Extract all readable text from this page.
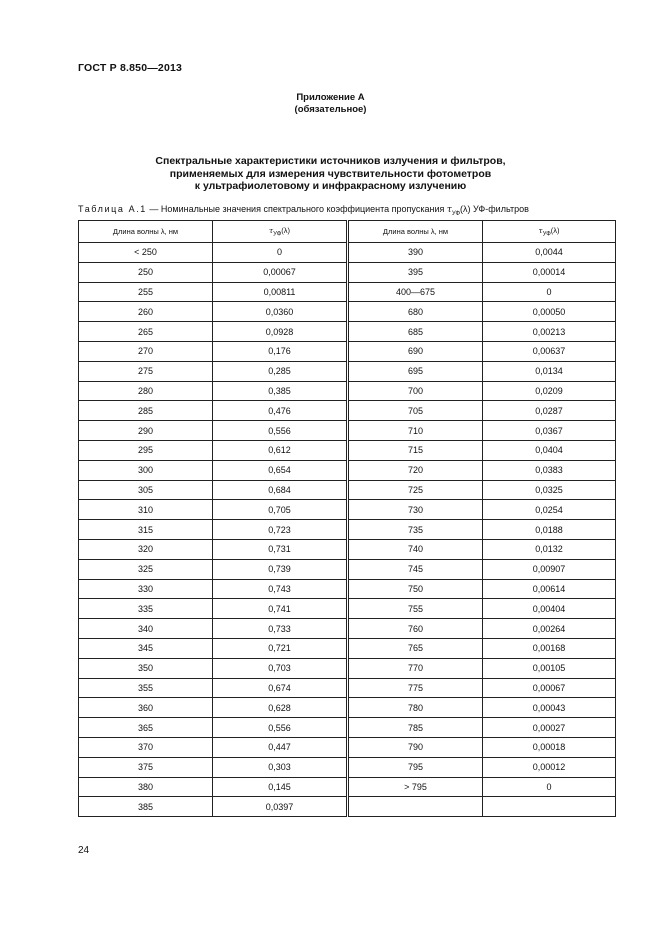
ГОСТ Р 8.850—2013
Приложение А
(обязательное)
Спектральные характеристики источников излучения и фильтров,
применяемых для измерения чувствительности фотометров
к ультрафиолетовому и инфракрасному излучению
Таблица А.1 — Номинальные значения спектрального коэффициента пропускания $\tau_{УФ}(\lambda)$ УФ-фильтров
Длина волны λ, нм	$\tau_{УФ}(\lambda)$		Длина волны λ, нм	$\tau_{УФ}(\lambda)$
< 250	0		390	0,0044
250	0,00067		395	0,00014
255	0,00811		400—675	0
260	0,0360		680	0,00050
265	0,0928		685	0,00213
270	0,176		690	0,00637
275	0,285		695	0,0134
280	0,385		700	0,0209
285	0,476		705	0,0287
290	0,556		710	0,0367
295	0,612		715	0,0404
300	0,654		720	0,0383
305	0,684		725	0,0325
310	0,705		730	0,0254
315	0,723		735	0,0188
320	0,731		740	0,0132
325	0,739		745	0,00907
330	0,743		750	0,00614
335	0,741		755	0,00404
340	0,733		760	0,00264
345	0,721		765	0,00168
350	0,703		770	0,00105
355	0,674		775	0,00067
360	0,628		780	0,00043
365	0,556		785	0,00027
370	0,447		790	0,00018
375	0,303		795	0,00012
380	0,145		> 795	0
385	0,0397			
24
